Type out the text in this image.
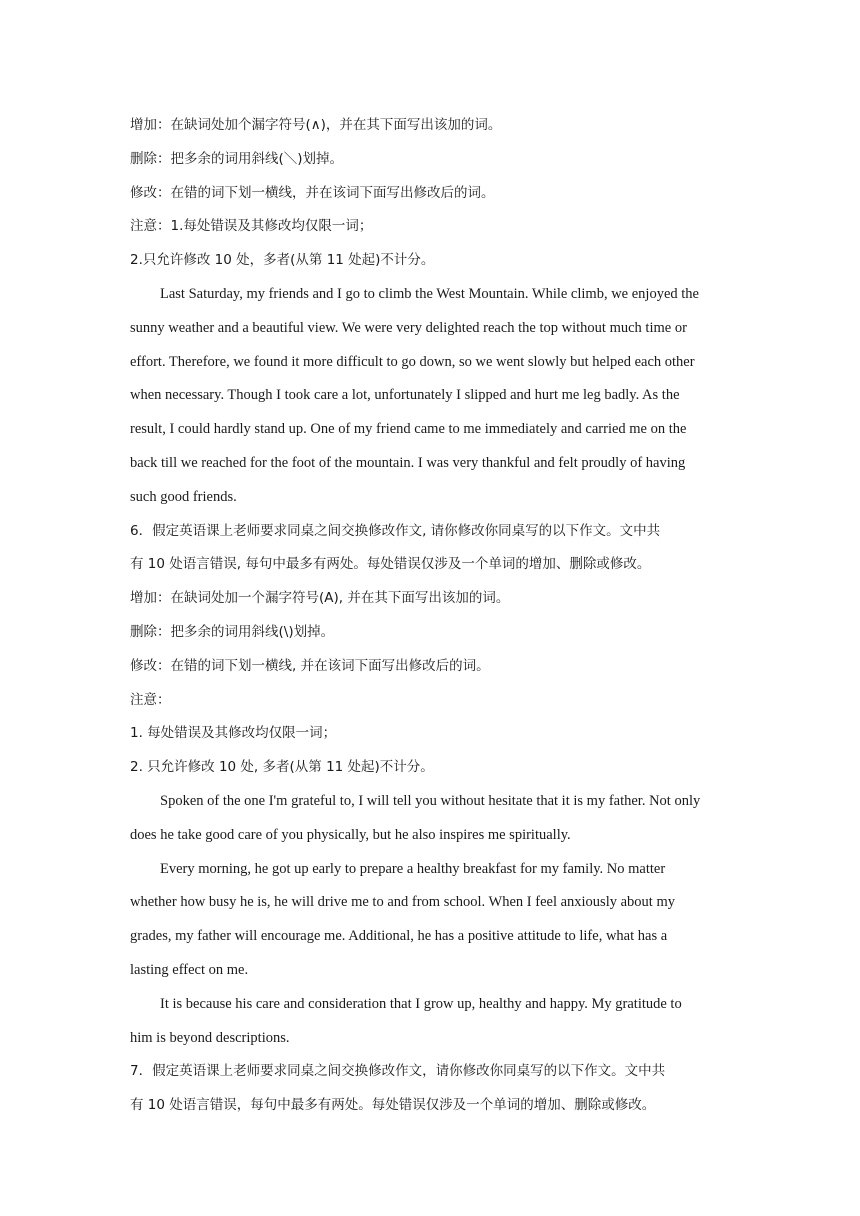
增加：在缺词处加个漏字符号(∧)，并在其下面写出该加的词。

删除：把多余的词用斜线(＼)划掉。

修改：在错的词下划一横线，并在该词下面写出修改后的词。

注意：1.每处错误及其修改均仅限一词；

2.只允许修改 10 处，多者(从第 11 处起)不计分。

Last Saturday, my friends and I go to climb the West Mountain. While climb, we enjoyed the

sunny weather and a beautiful view. We were very delighted reach the top without much time or

effort. Therefore, we found it more difficult to go down, so we went slowly but helped each other

when necessary. Though I took care a lot, unfortunately I slipped and hurt me leg badly. As the

result, I could hardly stand up. One of my friend came to me immediately and carried me on the

back till we reached for the foot of the mountain. I was very thankful and felt proudly of having

such good friends.

6．假定英语课上老师要求同桌之间交换修改作文, 请你修改你同桌写的以下作文。文中共

有 10 处语言错误, 每句中最多有两处。每处错误仅涉及一个单词的增加、删除或修改。

增加：在缺词处加一个漏字符号(A), 并在其下面写出该加的词。

删除：把多余的词用斜线(\)划掉。

修改：在错的词下划一横线, 并在该词下面写出修改后的词。

注意：

1. 每处错误及其修改均仅限一词；

2. 只允许修改 10 处, 多者(从第 11 处起)不计分。

Spoken of the one I'm grateful to, I will tell you without hesitate that it is my father. Not only

does he take good care of you physically, but he also inspires me spiritually.

Every morning, he got up early to prepare a healthy breakfast for my family. No matter

whether how busy he is, he will drive me to and from school. When I feel anxiously about my

grades, my father will encourage me. Additional, he has a positive attitude to life, what has a

lasting effect on me.

It is because his care and consideration that I grow up, healthy and happy. My gratitude to

him is beyond descriptions.

7．假定英语课上老师要求同桌之间交换修改作文，请你修改你同桌写的以下作文。文中共

有 10 处语言错误，每句中最多有两处。每处错误仅涉及一个单词的增加、删除或修改。
